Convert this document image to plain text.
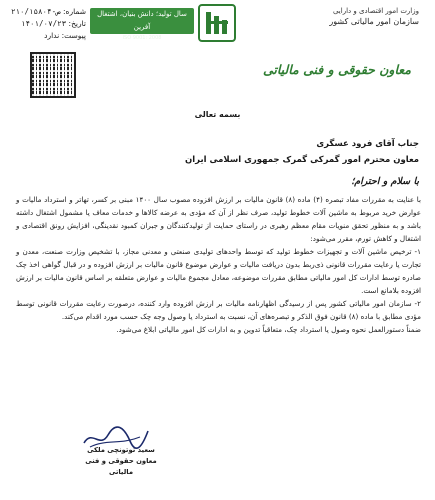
وزارت امور اقتصادی و دارایی
سازمان امور مالیاتی کشور
سال تولید؛ دانش بنیان، اشتغال آفرین
ISO 9001: 2008
شماره: ۲۱۰/۱۵۸۰۴-ص
تاریخ: ۱۴۰۱/۰۷/۲۳
پیوست: ندارد
معاون حقوقی و فنی مالیاتی
بسمه تعالی
جناب آقای فرود عسگری
معاون محترم امور گمرکی گمرک جمهوری اسلامی ایران
با سلام و احترام؛

با عنایت به مقررات مفاد تبصره (۴) ماده (۸) قانون مالیات بر ارزش افزوده مصوب سال ۱۴۰۰ مبنی بر کسر، تهاتر و استرداد مالیات و عوارض خرید مربوط به ماشین آلات خطوط تولید، صرف نظر از آن که مؤدی به عرضه کالاها و خدمات معاف یا مشمول اشتغال داشته باشد و به منظور تحقق منویات مقام معظم رهبری در راستای حمایت از تولیدکنندگان و جبران کمبود نقدینگی، افزایش رونق اقتصادی و اشتغال و کاهش تورم، مقرر می‌شود:

۱- ترخیص ماشین آلات و تجهیزات خطوط تولید که توسط واحدهای تولیدی صنعتی و معدنی مجاز، با تشخیص وزارت صنعت، معدن و تجارت یا رعایت مقررات قانونی ذی‌ربط بدون دریافت مالیات و عوارض موضوع قانون مالیات بر ارزش افزوده و در قبال گواهی اخذ چک صادره توسط ادارات کل امور مالیاتی مطابق مقررات موضوعه، معادل مجموع مالیات و عوارض متعلقه بر اساس قانون مالیات بر ارزش افزوده بلامانع است.

۲- سازمان امور مالیاتی کشور پس از رسیدگی اظهارنامه مالیات بر ارزش افزوده وارد کننده، درصورت رعایت مقررات قانونی توسط مؤدی مطابق با ماده (۸) قانون فوق الذکر و تبصره‌های آن، نسبت به استرداد یا وصول وجه چک حسب مورد اقدام می‌کند.

ضمناً دستورالعمل نحوه وصول یا استرداد چک، متعاقباً تدوین و به ادارات کل امور مالیاتی ابلاغ می‌شود.

سعید توتونچی ملکی
معاون حقوقی و فنی مالیاتی
